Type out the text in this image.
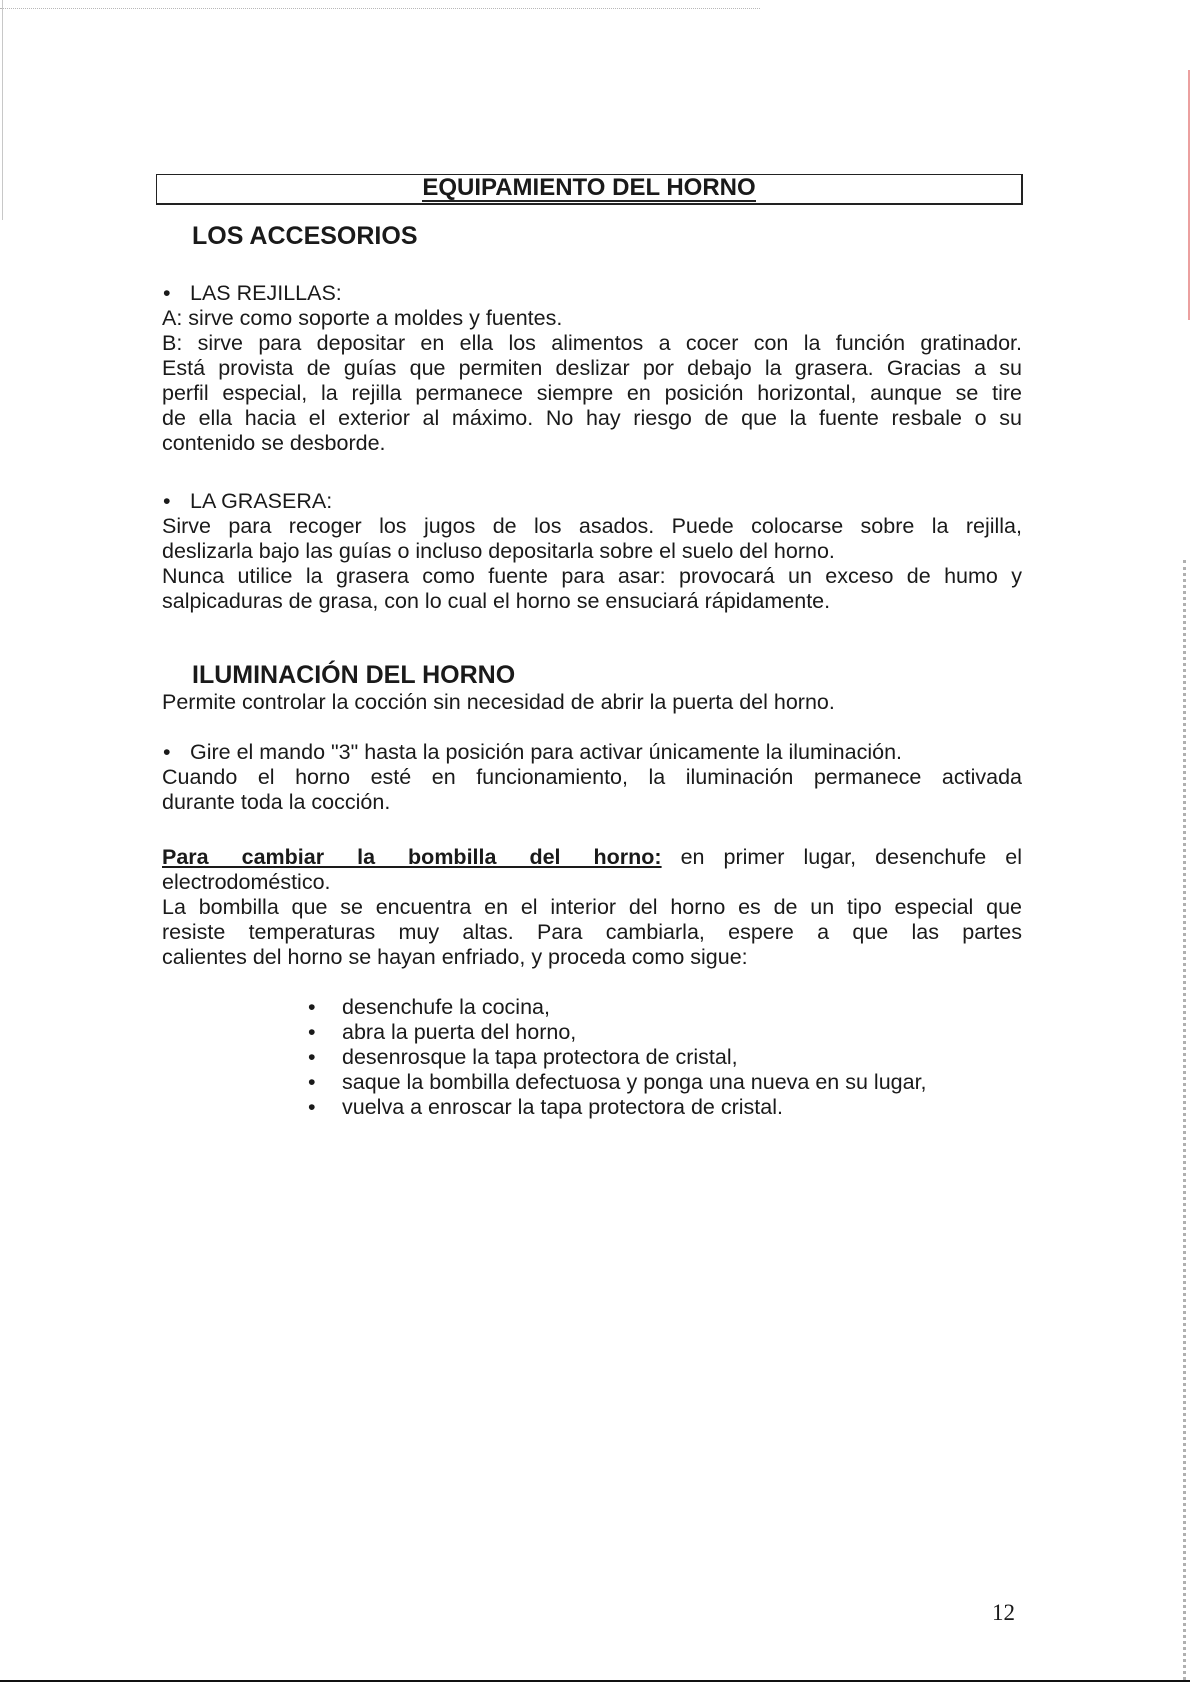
EQUIPAMIENTO DEL HORNO
LOS ACCESORIOS
• LAS REJILLAS:

A: sirve como soporte a moldes y fuentes.

B: sirve para depositar en ella los alimentos a cocer con la función gratinador.

Está provista de guías que permiten deslizar por debajo la grasera. Gracias a su

perfil especial, la rejilla permanece siempre en posición horizontal, aunque se tire

de ella hacia el exterior al máximo. No hay riesgo de que la fuente resbale o su

contenido se desborde.

• LA GRASERA:

Sirve para recoger los jugos de los asados. Puede colocarse sobre la rejilla,

deslizarla bajo las guías o incluso depositarla sobre el suelo del horno.

Nunca utilice la grasera como fuente para asar: provocará un exceso de humo y

salpicaduras de grasa, con lo cual el horno se ensuciará rápidamente.

ILUMINACIÓN DEL HORNO

Permite controlar la cocción sin necesidad de abrir la puerta del horno.

• Gire el mando "3" hasta la posición para activar únicamente la iluminación.

Cuando el horno esté en funcionamiento, la iluminación permanece activada

durante toda la cocción.

Para cambiar la bombilla del horno: en primer lugar, desenchufe el

electrodoméstico.

La bombilla que se encuentra en el interior del horno es de un tipo especial que

resiste temperaturas muy altas. Para cambiarla, espere a que las partes

calientes del horno se hayan enfriado, y proceda como sigue:

• desenchufe la cocina,
• abra la puerta del horno,
• desenrosque la tapa protectora de cristal,
• saque la bombilla defectuosa y ponga una nueva en su lugar,
• vuelva a enroscar la tapa protectora de cristal.
12
